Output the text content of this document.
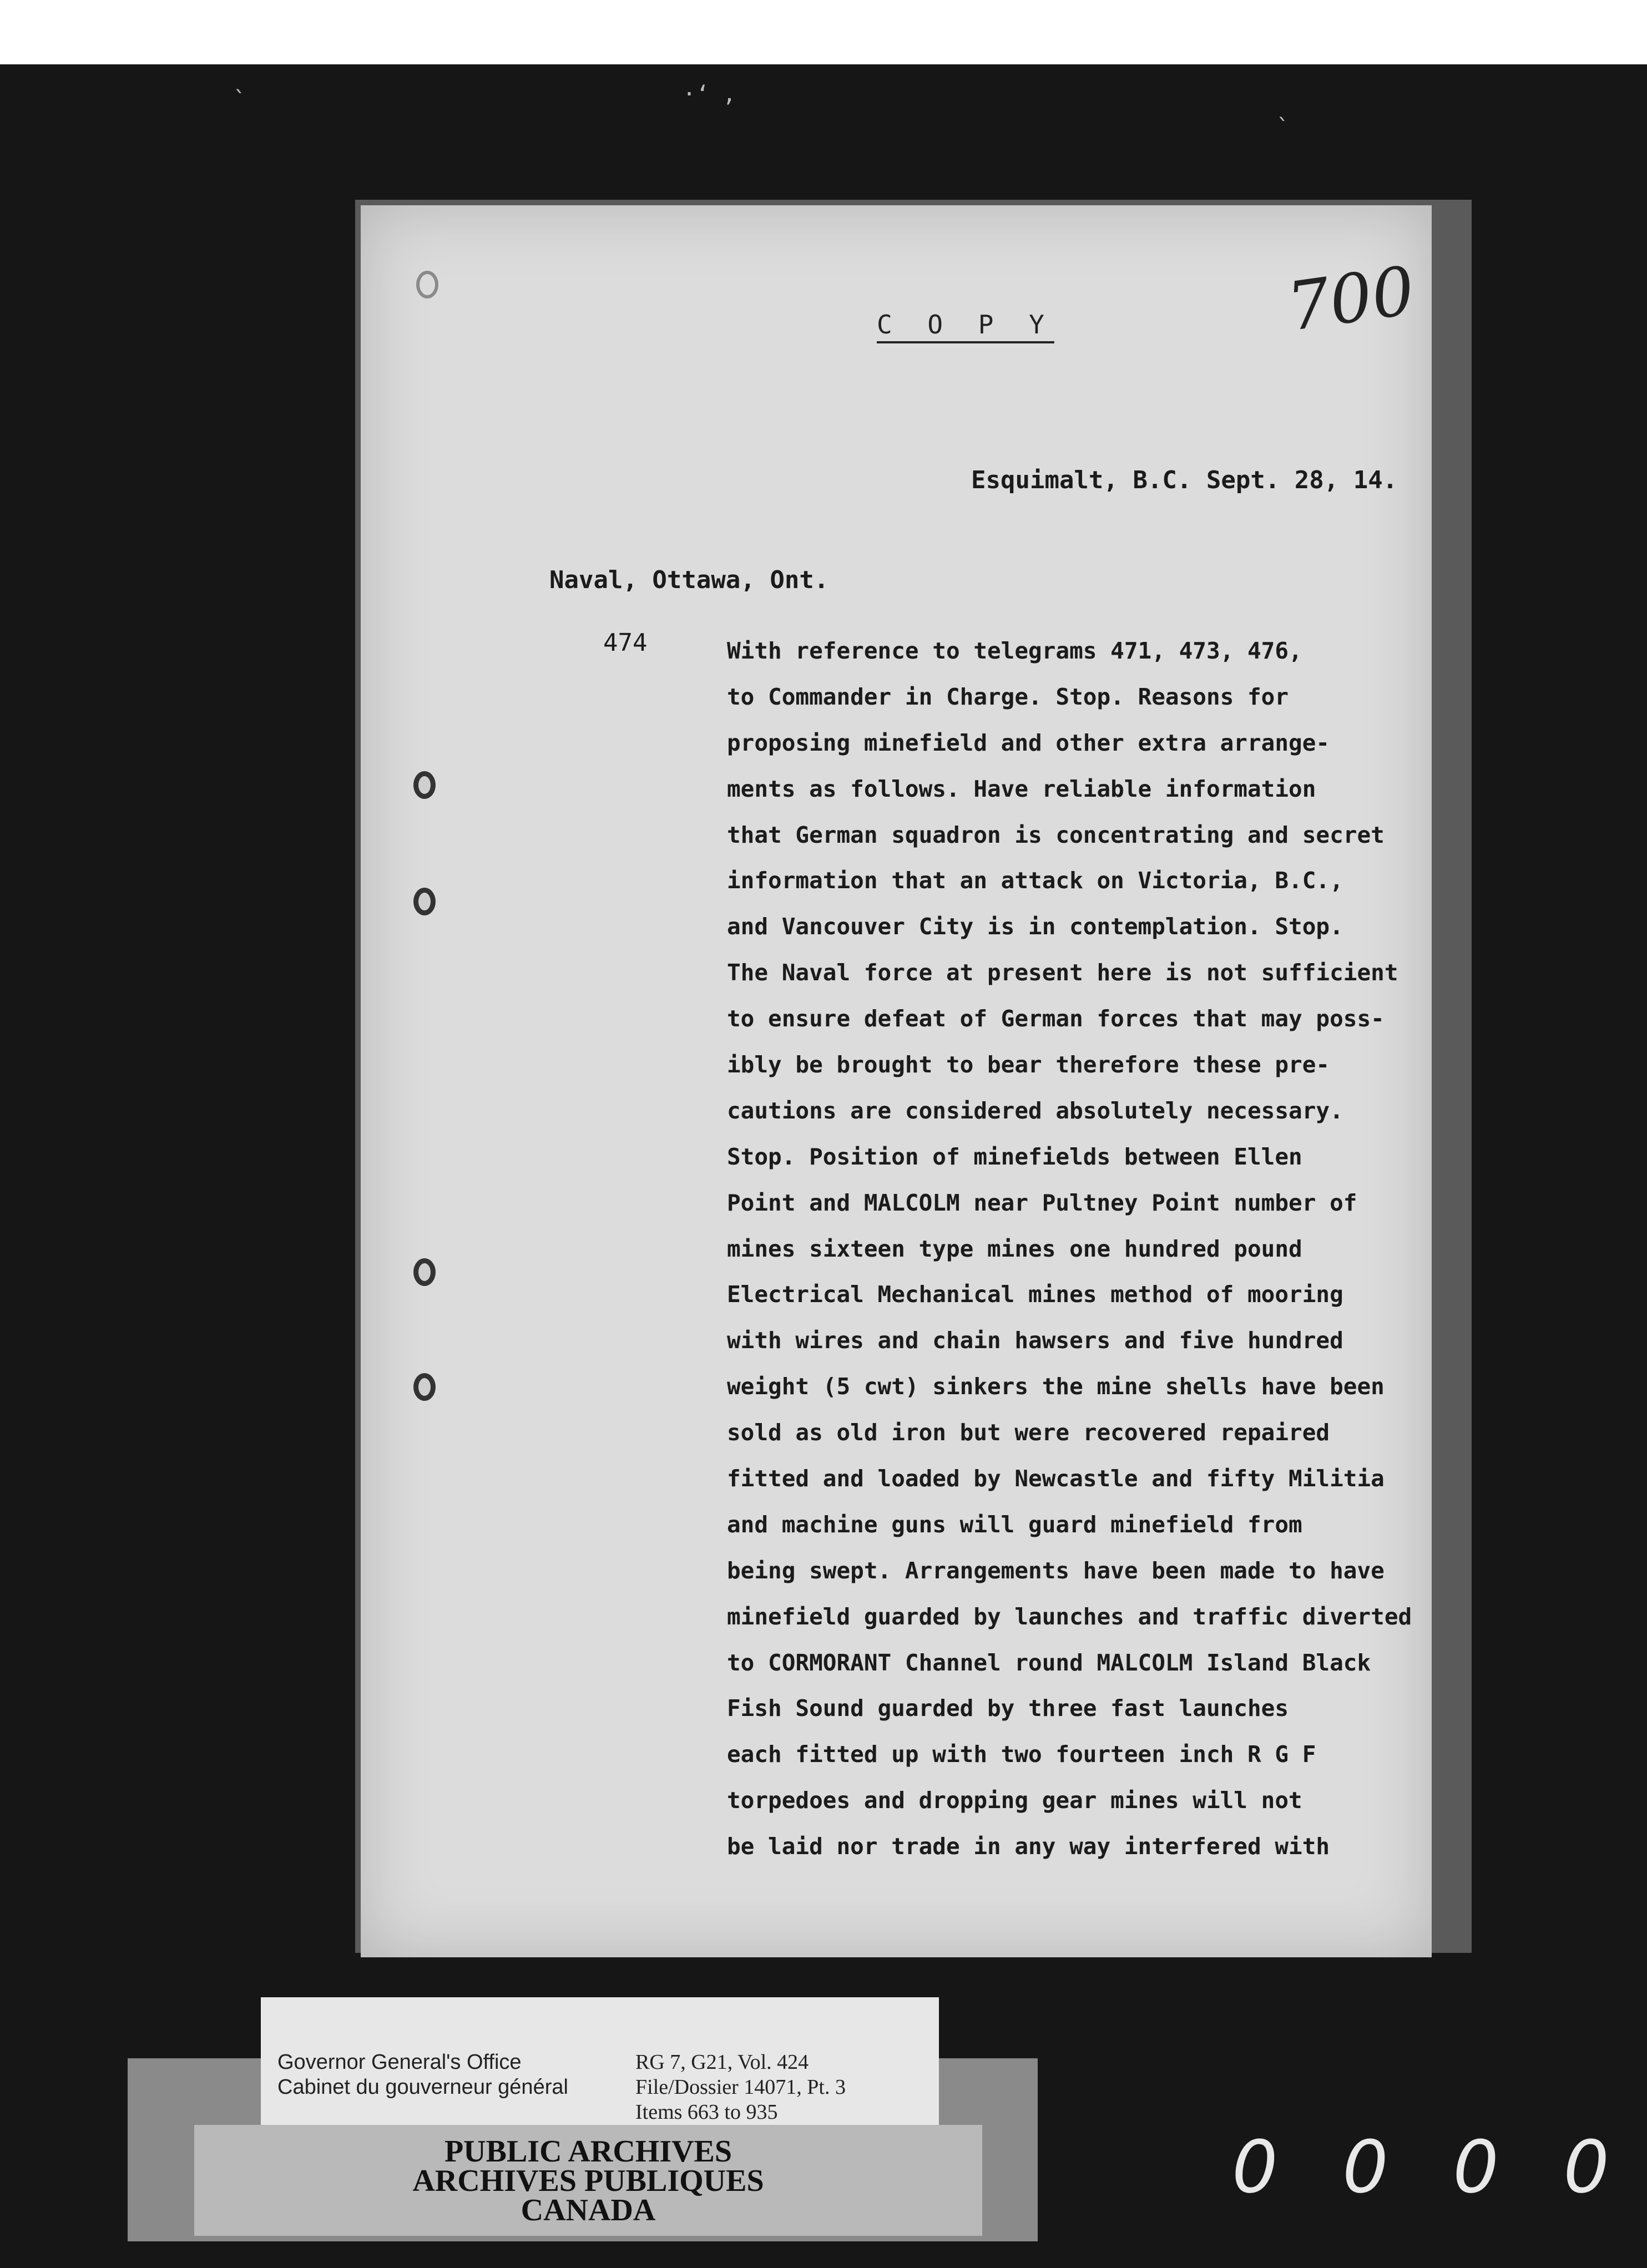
`	·‘ ,
`
700
C O P Y
Esquimalt, B.C. Sept. 28, 14.
Naval, Ottawa, Ont.
474	With reference to telegrams 471, 473, 476,
to Commander in Charge. Stop. Reasons for
proposing minefield and other extra arrange-
ments as follows. Have reliable information
that German squadron is concentrating and secret
information that an attack on Victoria, B.C.,
and Vancouver City is in contemplation. Stop.
The Naval force at present here is not sufficient
to ensure defeat of German forces that may poss-
ibly be brought to bear therefore these pre-
cautions are considered absolutely necessary.
Stop. Position of minefields between Ellen
Point and MALCOLM near Pultney Point number of
mines sixteen type mines one hundred pound
Electrical Mechanical mines method of mooring
with wires and chain hawsers and five hundred
weight (5 cwt) sinkers the mine shells have been
sold as old iron but were recovered repaired
fitted and loaded by Newcastle and fifty Militia
and machine guns will guard minefield from
being swept. Arrangements have been made to have
minefield guarded by launches and traffic diverted
to CORMORANT Channel round MALCOLM Island Black
Fish Sound guarded by three fast launches
each fitted up with two fourteen inch R G F
torpedoes and dropping gear mines will not
be laid nor trade in any way interfered with
Governor General's Office
Cabinet du gouverneur général
RG 7, G21, Vol. 424
File/Dossier 14071, Pt. 3
Items 663 to 935
PUBLIC ARCHIVES
ARCHIVES PUBLIQUES
CANADA
0 0 0 0
